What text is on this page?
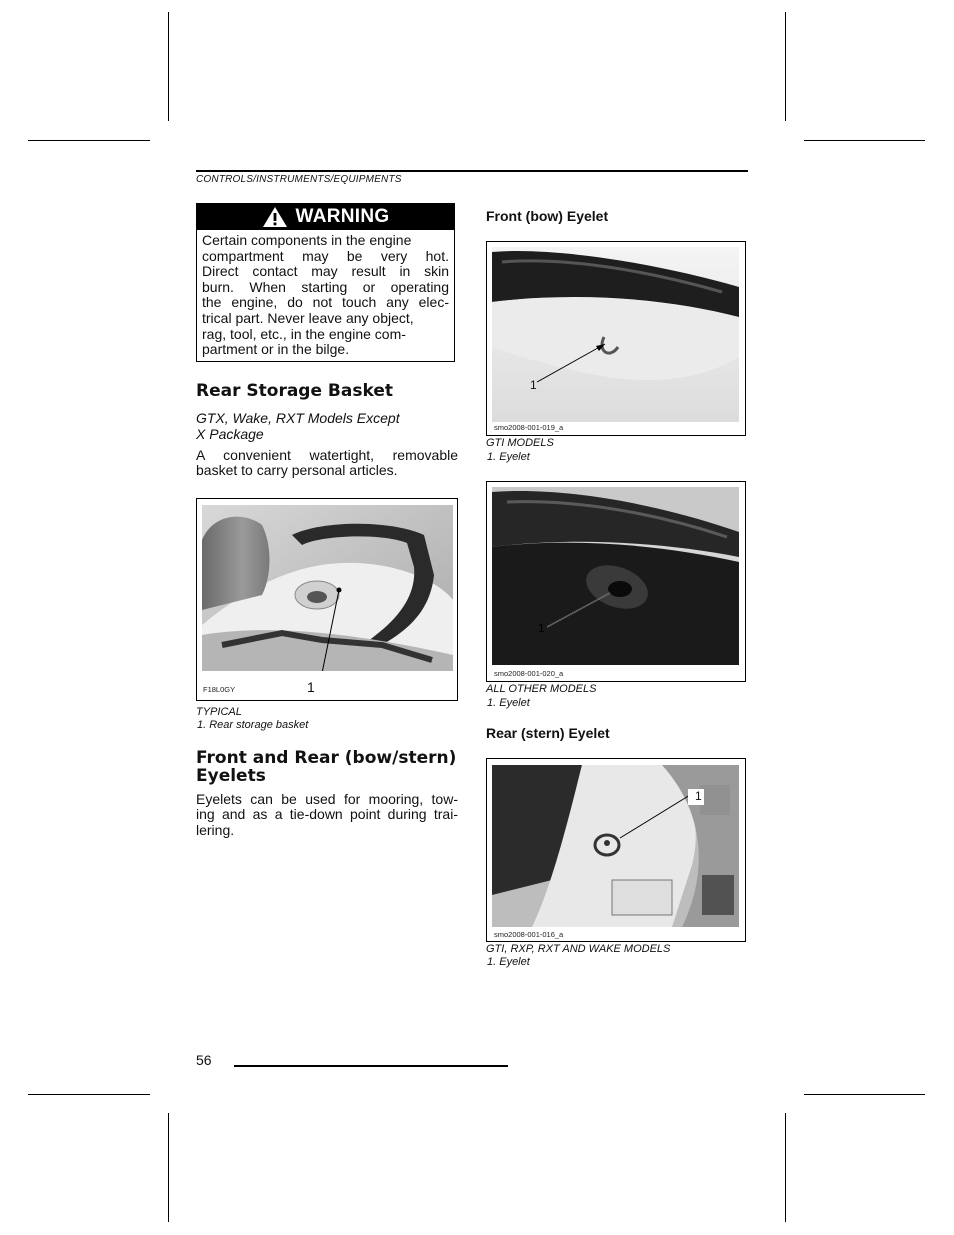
CONTROLS/INSTRUMENTS/EQUIPMENTS
WARNING
Certain components in the engine
compartment may be very hot.
Direct contact may result in skin
burn. When starting or operating
the engine, do not touch any elec-
trical part. Never leave any object,
rag, tool, etc., in the engine com-
partment or in the bilge.
Rear Storage Basket
GTX, Wake, RXT Models Except
X Package
A convenient watertight, removable
basket to carry personal articles.
F18L0GY	1
TYPICAL
1. Rear storage basket
Front and Rear (bow/stern)
Eyelets
Eyelets can be used for mooring, tow-
ing and as a tie-down point during trai-
lering.
Front (bow) Eyelet
1
smo2008-001-019_a
GTI MODELS
1. Eyelet
1
smo2008-001-020_a
ALL OTHER MODELS
1. Eyelet
Rear (stern) Eyelet
1
smo2008-001-016_a
GTI, RXP, RXT AND WAKE MODELS
1. Eyelet
56
